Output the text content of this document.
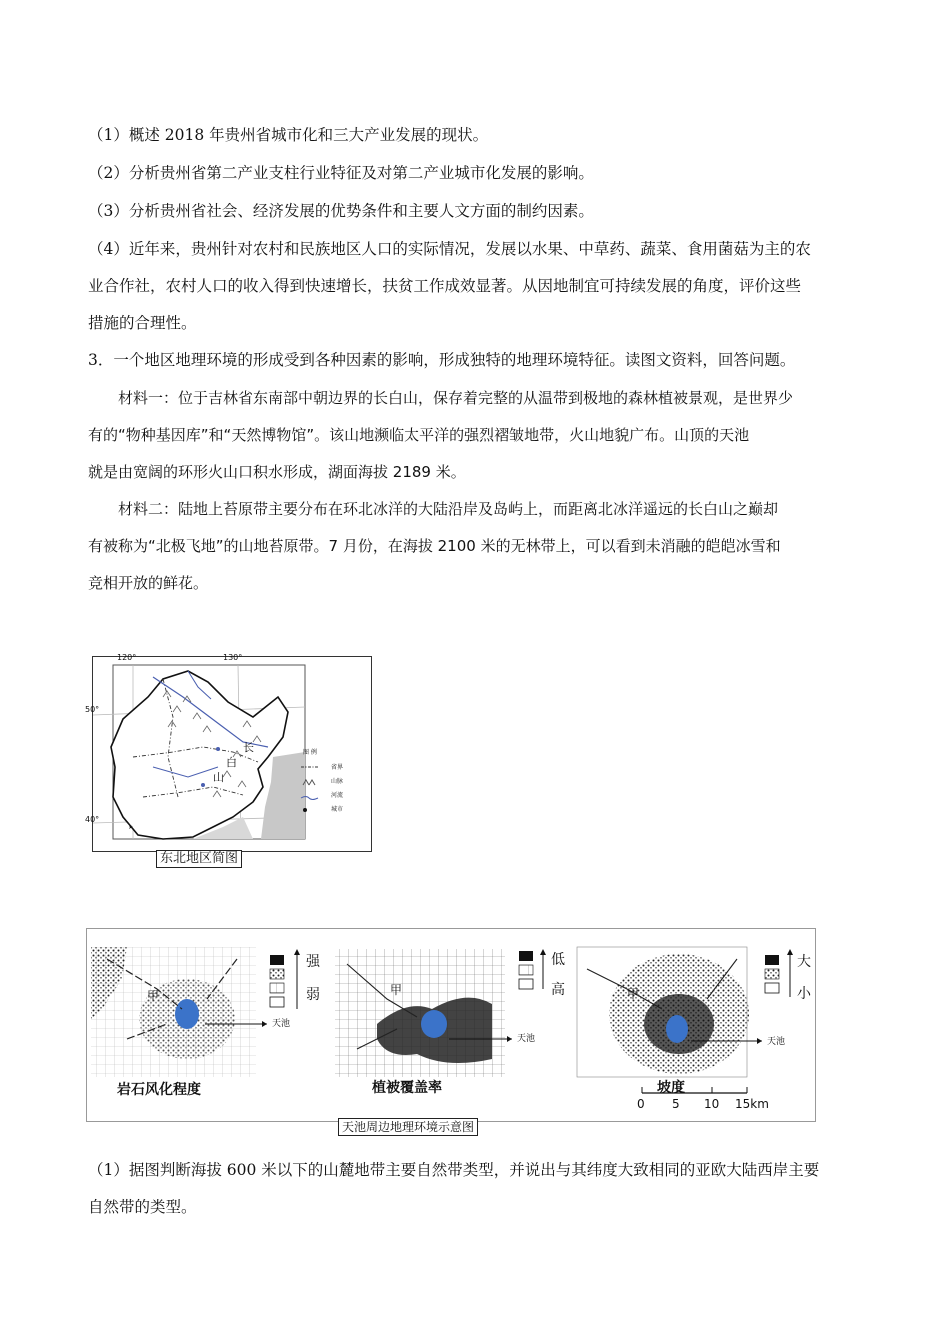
（1）概述 2018 年贵州省城市化和三大产业发展的现状。
（2）分析贵州省第二产业支柱行业特征及对第二产业城市化发展的影响。
（3）分析贵州省社会、经济发展的优势条件和主要人文方面的制约因素。
（4）近年来，贵州针对农村和民族地区人口的实际情况，发展以水果、中草药、蔬菜、食用菌菇为主的农
业合作社，农村人口的收入得到快速增长，扶贫工作成效显著。从因地制宜可持续发展的角度，评价这些
措施的合理性。
3．一个地区地理环境的形成受到各种因素的影响，形成独特的地理环境特征。读图文资料，回答问题。
材料一：位于吉林省东南部中朝边界的长白山，保存着完整的从温带到极地的森林植被景观，是世界少
有的“物种基因库”和“天然博物馆”。该山地濒临太平洋的强烈褶皱地带，火山地貌广布。山顶的天池
就是由宽阔的环形火山口积水形成，湖面海拔 2189 米。
材料二：陆地上苔原带主要分布在环北冰洋的大陆沿岸及岛屿上，而距离北冰洋遥远的长白山之巅却
有被称为“北极飞地”的山地苔原带。7 月份，在海拔 2100 米的无林带上，可以看到未消融的皑皑冰雪和
竞相开放的鲜花。
120°	130°
50°
40°
长
白
山
图 例
省界
山脉
河流
城市
东北地区简图
甲
天池
强
弱
岩石风化程度
甲
天池
低
高
植被覆盖率
甲
天池
大
小
坡度
0 5 10 15km
天池周边地理环境示意图
（1）据图判断海拔 600 米以下的山麓地带主要自然带类型，并说出与其纬度大致相同的亚欧大陆西岸主要
自然带的类型。
